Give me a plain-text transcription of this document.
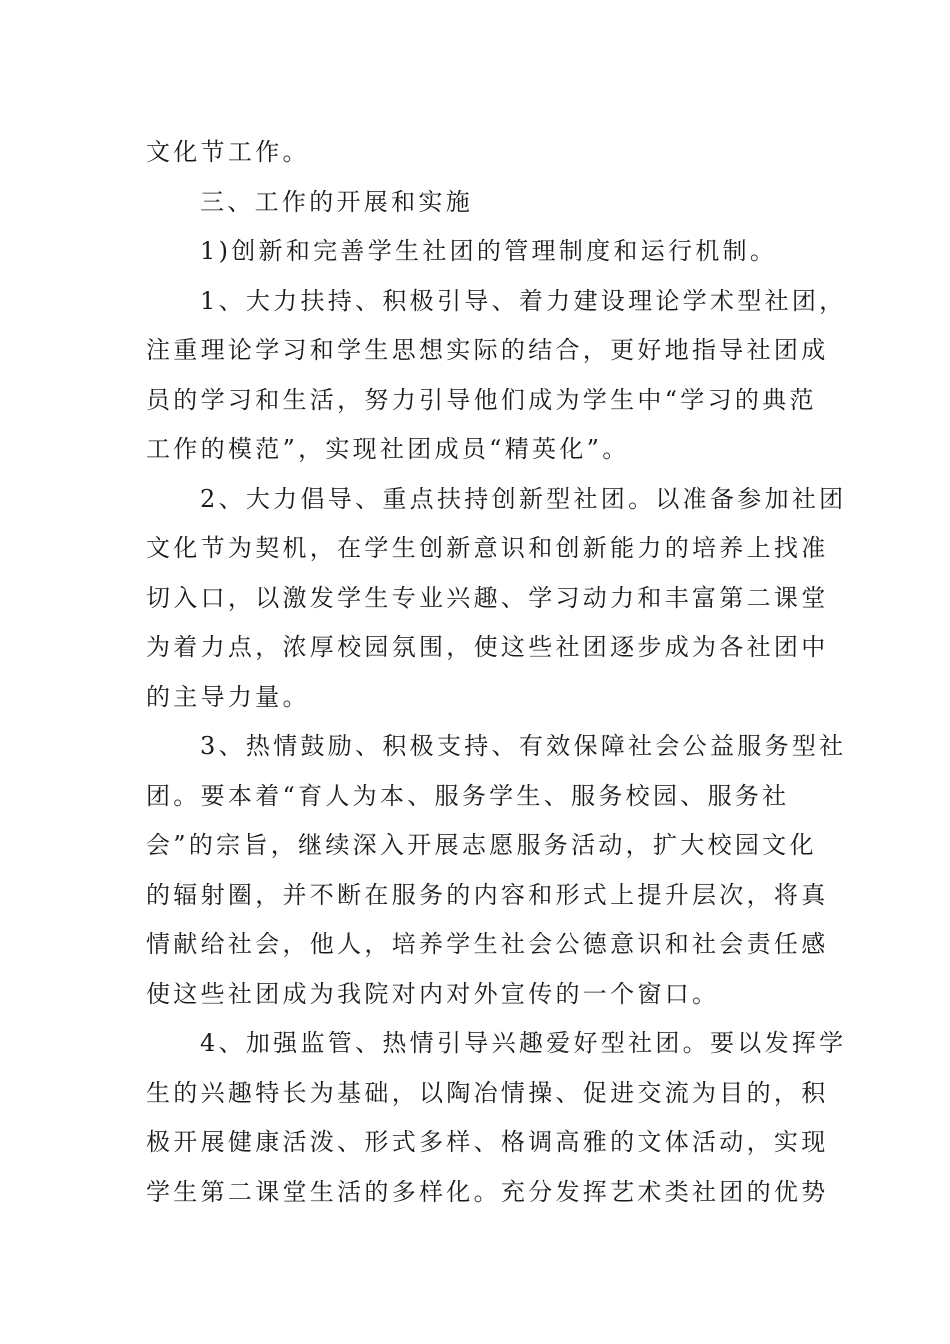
文化节工作。
三、工作的开展和实施
1)创新和完善学生社团的管理制度和运行机制。
1、大力扶持、积极引导、着力建设理论学术型社团，
注重理论学习和学生思想实际的结合，更好地指导社团成
员的学习和生活，努力引导他们成为学生中“学习的典范
工作的模范”，实现社团成员“精英化”。
2、大力倡导、重点扶持创新型社团。以准备参加社团
文化节为契机，在学生创新意识和创新能力的培养上找准
切入口，以激发学生专业兴趣、学习动力和丰富第二课堂
为着力点，浓厚校园氛围，使这些社团逐步成为各社团中
的主导力量。
3、热情鼓励、积极支持、有效保障社会公益服务型社
团。要本着“育人为本、服务学生、服务校园、服务社
会”的宗旨，继续深入开展志愿服务活动，扩大校园文化
的辐射圈，并不断在服务的内容和形式上提升层次，将真
情献给社会，他人，培养学生社会公德意识和社会责任感
使这些社团成为我院对内对外宣传的一个窗口。
4、加强监管、热情引导兴趣爱好型社团。要以发挥学
生的兴趣特长为基础，以陶冶情操、促进交流为目的，积
极开展健康活泼、形式多样、格调高雅的文体活动，实现
学生第二课堂生活的多样化。充分发挥艺术类社团的优势
